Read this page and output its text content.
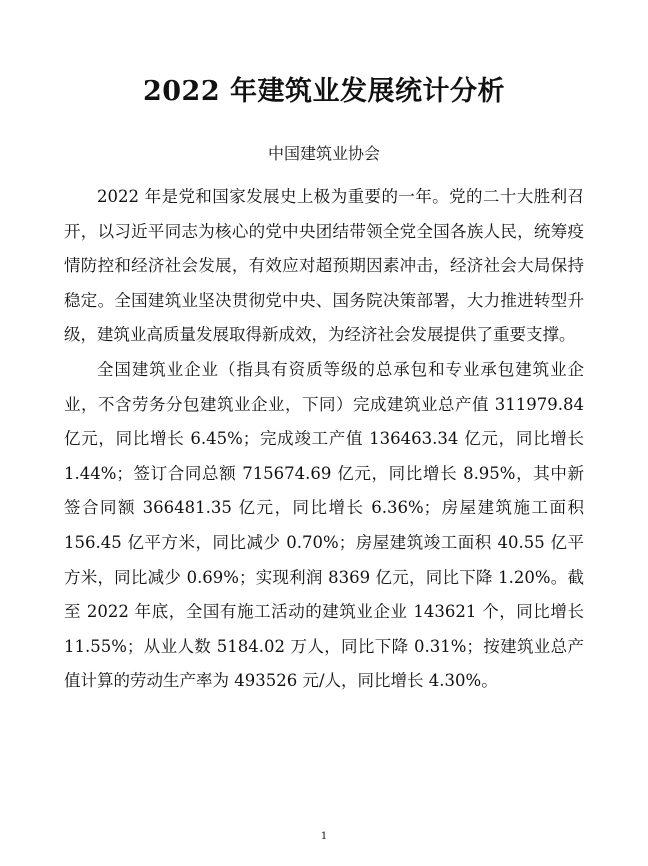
2022 年建筑业发展统计分析
中国建筑业协会

2022 年是党和国家发展史上极为重要的一年。党的二十大胜利召开，以习近平同志为核心的党中央团结带领全党全国各族人民，统筹疫情防控和经济社会发展，有效应对超预期因素冲击，经济社会大局保持稳定。全国建筑业坚决贯彻党中央、国务院决策部署，大力推进转型升级，建筑业高质量发展取得新成效，为经济社会发展提供了重要支撑。

全国建筑业企业（指具有资质等级的总承包和专业承包建筑业企业，不含劳务分包建筑业企业，下同）完成建筑业总产值 311979.84 亿元，同比增长 6.45%；完成竣工产值 136463.34 亿元，同比增长 1.44%；签订合同总额 715674.69 亿元，同比增长 8.95%，其中新签合同额 366481.35 亿元，同比增长 6.36%；房屋建筑施工面积 156.45 亿平方米，同比减少 0.70%；房屋建筑竣工面积 40.55 亿平方米，同比减少 0.69%；实现利润 8369 亿元，同比下降 1.20%。截至 2022 年底，全国有施工活动的建筑业企业 143621 个，同比增长 11.55%；从业人数 5184.02 万人，同比下降 0.31%；按建筑业总产值计算的劳动生产率为 493526 元/人，同比增长 4.30%。

1
